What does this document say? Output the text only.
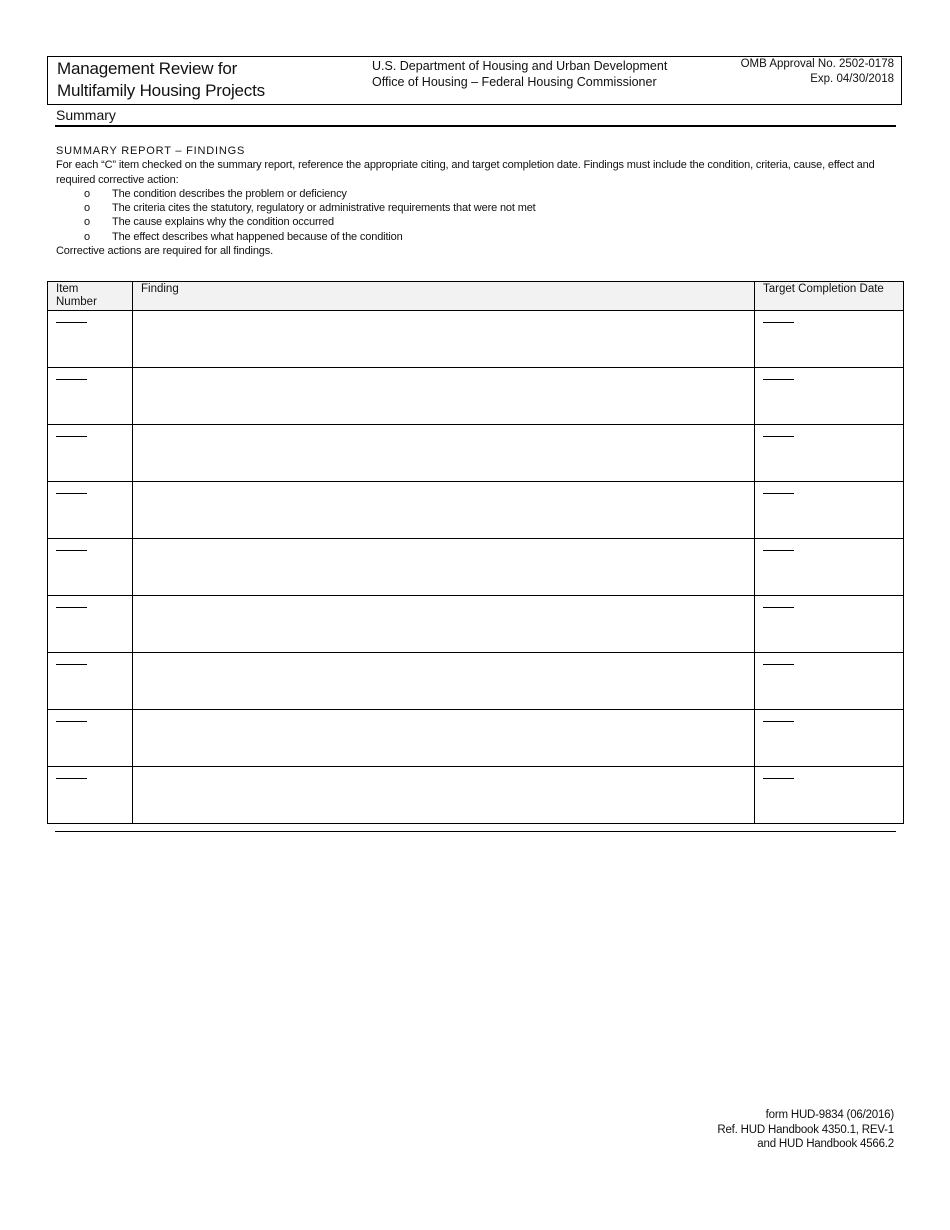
Management Review for
Multifamily Housing Projects
U.S. Department of Housing and Urban Development
Office of Housing – Federal Housing Commissioner
OMB Approval No. 2502-0178
Exp. 04/30/2018
Summary
SUMMARY REPORT – FINDINGS
For each “C” item checked on the summary report, reference the appropriate citing, and target completion date. Findings must include the condition, criteria, cause, effect and required corrective action:
o The condition describes the problem or deficiency
o The criteria cites the statutory, regulatory or administrative requirements that were not met
o The cause explains why the condition occurred
o The effect describes what happened because of the condition
Corrective actions are required for all findings.
Item
Number	Finding	Target Completion Date

form HUD-9834 (06/2016)
Ref. HUD Handbook 4350.1, REV-1
and HUD Handbook 4566.2
